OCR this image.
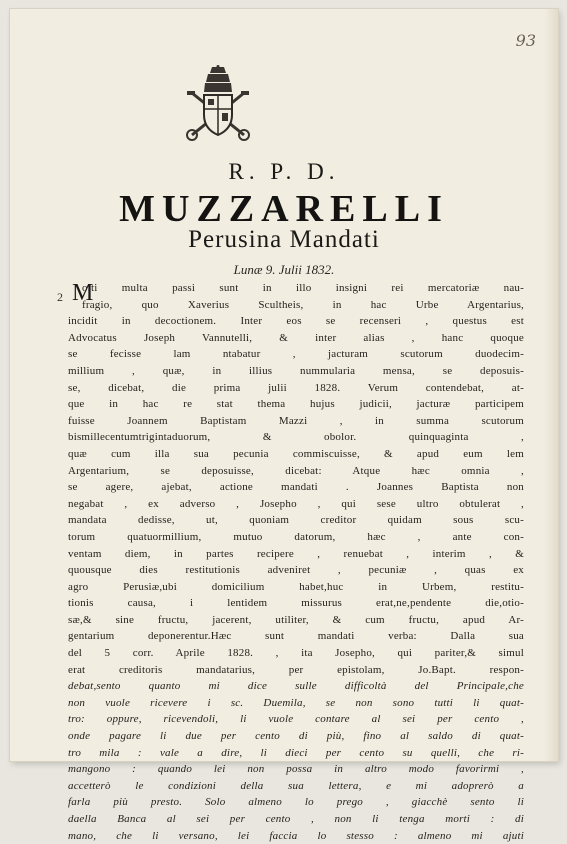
93
R. P. D.
MUZZARELLI
Perusina Mandati
Lunæ 9. Julii 1832.
2 M
olti multa passi sunt in illo insigni rei mercatoriæ nau-
fragio, quo Xaverius Scultheis, in hac Urbe Argentarius,
incidit in decoctionem. Inter eos se recenseri , questus est
Advocatus Joseph Vannutelli, & inter alias , hanc quoque
se fecisse lam ntabatur , jacturam scutorum duodecim-
millium , quæ, in illius nummularia mensa, se deposuis-
se, dicebat, die prima julii 1828. Verum contendebat, at-
que in hac re stat thema hujus judicii, jacturæ participem
fuisse Joannem Baptistam Mazzi , in summa scutorum
bismillecentumtrigintaduorum, & obolor. quinquaginta ,
quæ cum illa sua pecunia commiscuisse, & apud eum lem
Argentarium, se deposuisse, dicebat: Atque hæc omnia ,
se agere, ajebat, actione mandati . Joannes Baptista non
negabat , ex adverso , Josepho , qui sese ultro obtulerat ,
mandata dedisse, ut, quoniam creditor quidam sous scu-
torum quatuormillium, mutuo datorum, hæc , ante con-
ventam diem, in partes recipere , renuebat , interim , &
quousque dies restitutionis adveniret , pecuniæ , quas ex
agro Perusiæ,ubi domicilium habet,huc in Urbem, restitu-
tionis causa, i lentidem missurus erat,ne,pendente die,otio-
sæ,& sine fructu, jacerent, utiliter, & cum fructu, apud Ar-
gentarium deponerentur.Hæc sunt mandati verba: Dalla sua
del 5 corr. Aprile 1828. , ita Josepho, qui pariter,& simul
erat creditoris mandatarius, per epistolam, Jo.Bapt. respon-
debat,sento quanto mi dice sulle difficoltà del Principale,che
non vuole ricevere i sc. Duemila, se non sono tutti li quat-
tro: oppure, ricevendoli, li vuole contare al sei per cento ,
onde pagare li due per cento di più, fino al saldo di quat-
tro mila : vale a dire, li dieci per cento su quelli, che ri-
mangono : quando lei non possa in altro modo favorirmi ,
accetterò le condizioni della sua lettera, e mi adoprerò a
farla più presto. Solo almeno lo prego , giacchè sento li
daella Banca al sei per cento , non li tenga morti : di
mano, che li versano, lei faccia lo stesso : almeno mi ajuti
